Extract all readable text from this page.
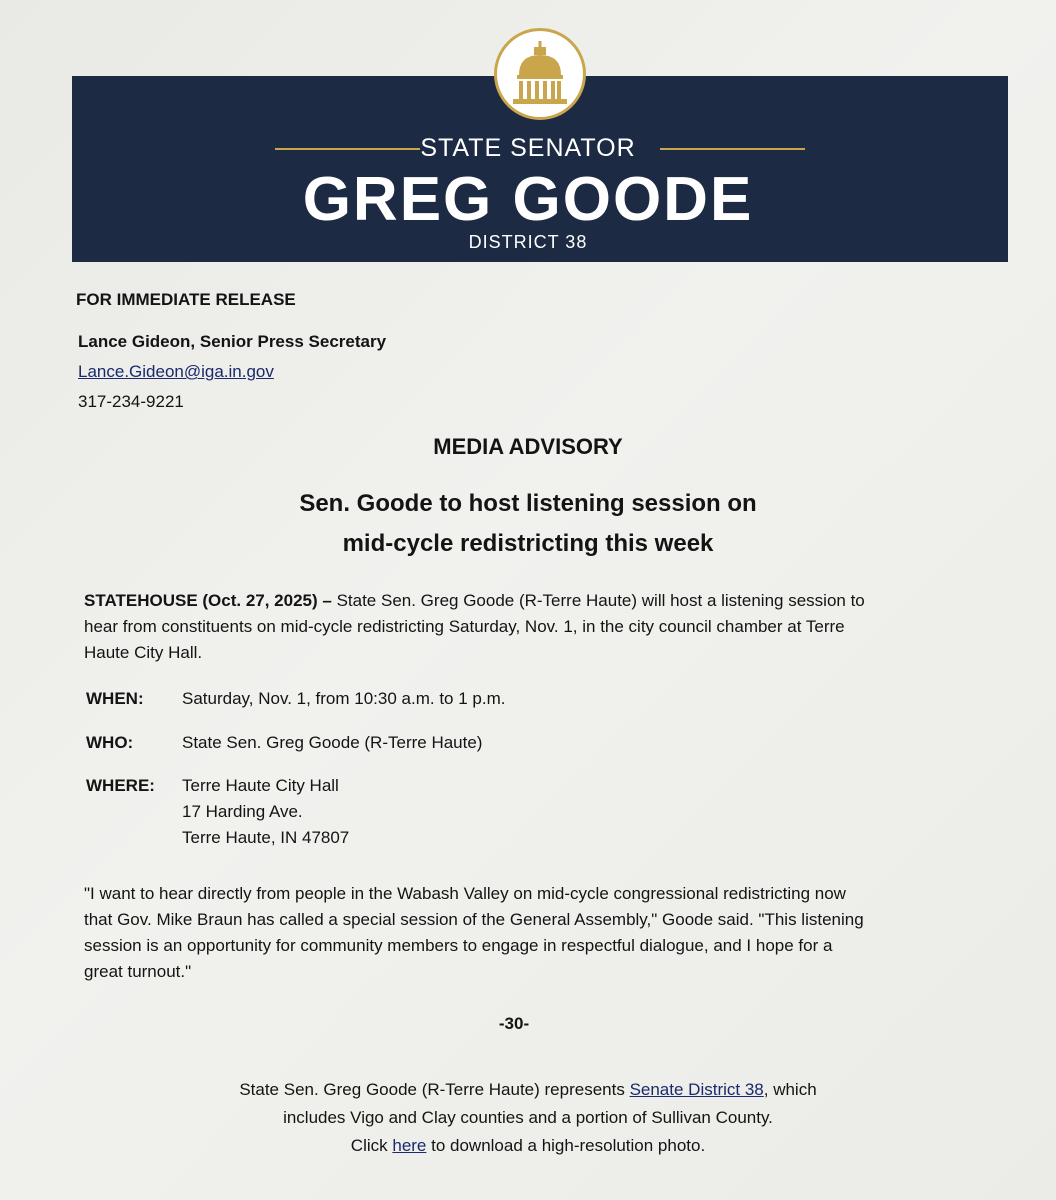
STATE SENATOR
GREG GOODE
DISTRICT 38
FOR IMMEDIATE RELEASE
Lance Gideon, Senior Press Secretary
Lance.Gideon@iga.in.gov
317-234-9221
MEDIA ADVISORY
Sen. Goode to host listening session on
mid-cycle redistricting this week
STATEHOUSE (Oct. 27, 2025) – State Sen. Greg Goode (R-Terre Haute) will host a listening session to
hear from constituents on mid-cycle redistricting Saturday, Nov. 1, in the city council chamber at Terre
Haute City Hall.
WHEN: Saturday, Nov. 1, from 10:30 a.m. to 1 p.m.
WHO:	State Sen. Greg Goode (R-Terre Haute)
WHERE: Terre Haute City Hall
17 Harding Ave.
Terre Haute, IN 47807
"I want to hear directly from people in the Wabash Valley on mid-cycle congressional redistricting now
that Gov. Mike Braun has called a special session of the General Assembly," Goode said. "This listening
session is an opportunity for community members to engage in respectful dialogue, and I hope for a
great turnout."
-30-
State Sen. Greg Goode (R-Terre Haute) represents Senate District 38, which
includes Vigo and Clay counties and a portion of Sullivan County.
Click here to download a high-resolution photo.
